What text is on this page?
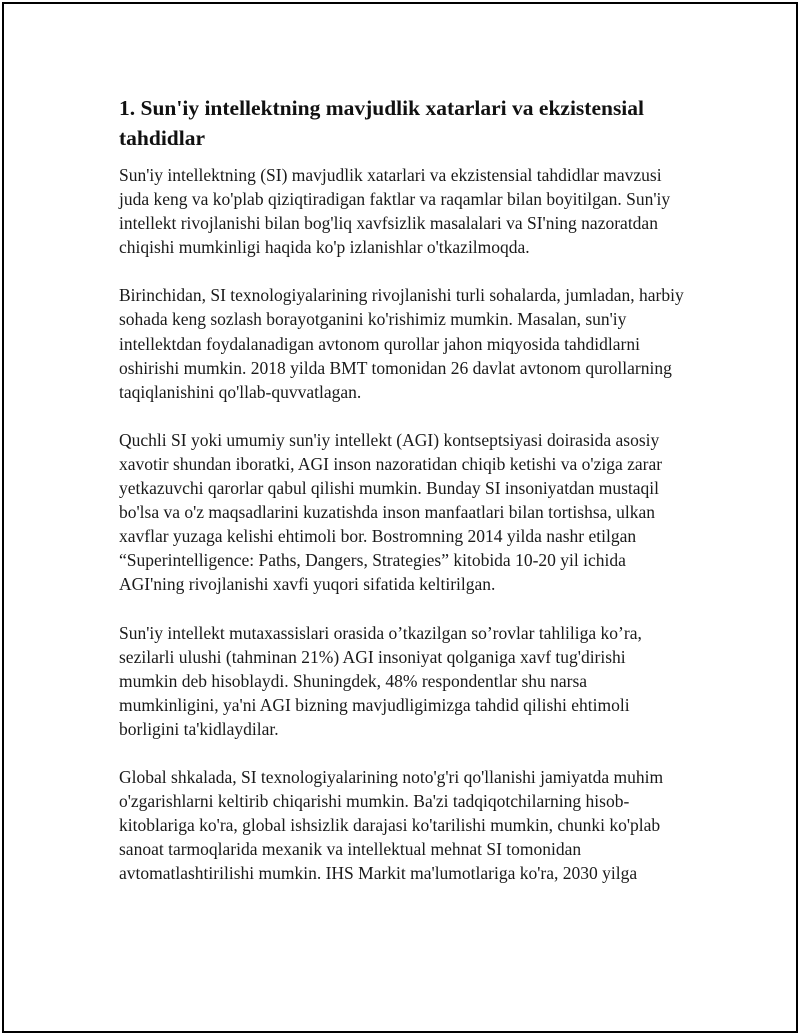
1. Sun'iy intellektning mavjudlik xatarlari va ekzistensial tahdidlar

Sun'iy intellektning (SI) mavjudlik xatarlari va ekzistensial tahdidlar mavzusi juda keng va ko'plab qiziqtiradigan faktlar va raqamlar bilan boyitilgan. Sun'iy intellekt rivojlanishi bilan bog'liq xavfsizlik masalalari va SI'ning nazoratdan chiqishi mumkinligi haqida ko'p izlanishlar o'tkazilmoqda.

Birinchidan, SI texnologiyalarining rivojlanishi turli sohalarda, jumladan, harbiy sohada keng sozlash borayotganini ko'rishimiz mumkin. Masalan, sun'iy intellektdan foydalanadigan avtonom qurollar jahon miqyosida tahdidlarni oshirishi mumkin. 2018 yilda BMT tomonidan 26 davlat avtonom qurollarning taqiqlanishini qo'llab-quvvatlagan.

Quchli SI yoki umumiy sun'iy intellekt (AGI) kontseptsiyasi doirasida asosiy xavotir shundan iboratki, AGI inson nazoratidan chiqib ketishi va o'ziga zarar yetkazuvchi qarorlar qabul qilishi mumkin. Bunday SI insoniyatdan mustaqil bo'lsa va o'z maqsadlarini kuzatishda inson manfaatlari bilan tortishsa, ulkan xavflar yuzaga kelishi ehtimoli bor. Bostromning 2014 yilda nashr etilgan “Superintelligence: Paths, Dangers, Strategies” kitobida 10-20 yil ichida AGI'ning rivojlanishi xavfi yuqori sifatida keltirilgan.

Sun'iy intellekt mutaxassislari orasida o’tkazilgan so’rovlar tahliliga ko’ra, sezilarli ulushi (tahminan 21%) AGI insoniyat qolganiga xavf tug'dirishi mumkin deb hisoblaydi. Shuningdek, 48% respondentlar shu narsa mumkinligini, ya'ni AGI bizning mavjudligimizga tahdid qilishi ehtimoli borligini ta'kidlaydilar.

Global shkalada, SI texnologiyalarining noto'g'ri qo'llanishi jamiyatda muhim o'zgarishlarni keltirib chiqarishi mumkin. Ba'zi tadqiqotchilarning hisob-kitoblariga ko'ra, global ishsizlik darajasi ko'tarilishi mumkin, chunki ko'plab sanoat tarmoqlarida mexanik va intellektual mehnat SI tomonidan avtomatlashtirilishi mumkin. IHS Markit ma'lumotlariga ko'ra, 2030 yilga
